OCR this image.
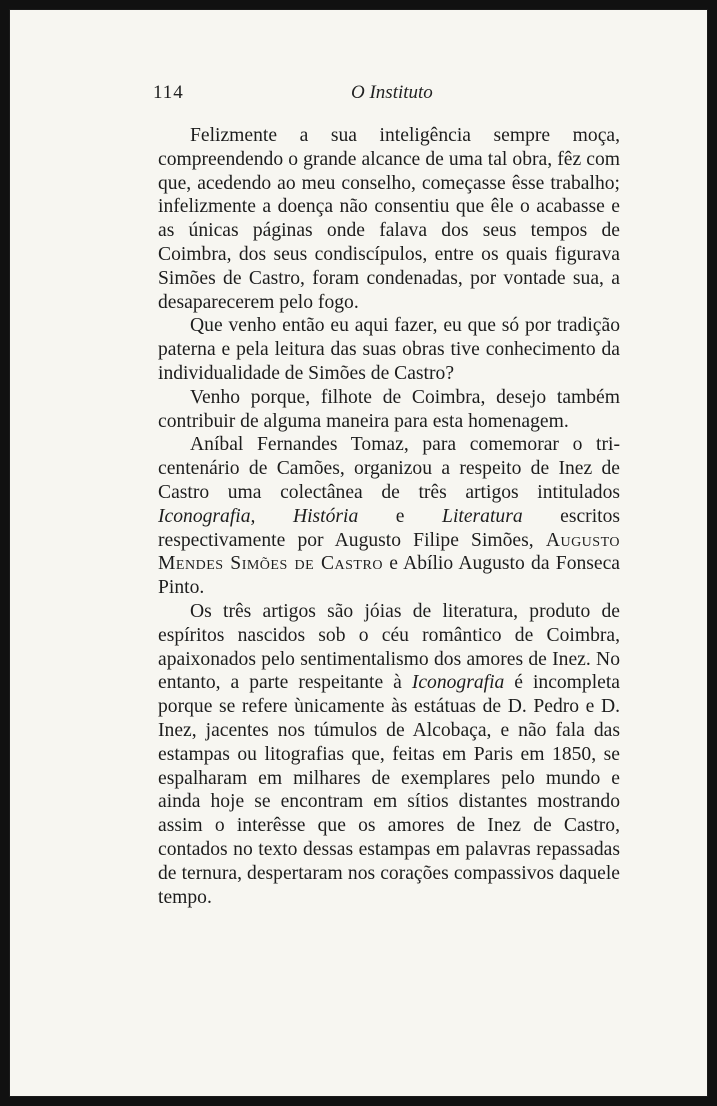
114	O Instituto

Felizmente a sua inteligência sempre moça, compreendendo o grande alcance de uma tal obra, fêz com que, acedendo ao meu conselho, começasse êsse trabalho; infelizmente a doença não consentiu que êle o acabasse e as únicas páginas onde falava dos seus tempos de Coimbra, dos seus condiscípulos, entre os quais figurava Simões de Castro, foram condenadas, por vontade sua, a desaparecerem pelo fogo.

Que venho então eu aqui fazer, eu que só por tradição paterna e pela leitura das suas obras tive conhecimento da individualidade de Simões de Castro?

Venho porque, filhote de Coimbra, desejo também contribuir de alguma maneira para esta homenagem.

Aníbal Fernandes Tomaz, para comemorar o tri-centenário de Camões, organizou a respeito de Inez de Castro uma colectânea de três artigos intitulados Iconografia, História e Literatura escritos respectivamente por Augusto Filipe Simões, Augusto Mendes Simões de Castro e Abílio Augusto da Fonseca Pinto.

Os três artigos são jóias de literatura, produto de espíritos nascidos sob o céu romântico de Coimbra, apaixonados pelo sentimentalismo dos amores de Inez. No entanto, a parte respeitante à Iconografia é incompleta porque se refere ùnicamente às estátuas de D. Pedro e D. Inez, jacentes nos túmulos de Alcobaça, e não fala das estampas ou litografias que, feitas em Paris em 1850, se espalharam em milhares de exemplares pelo mundo e ainda hoje se encontram em sítios distantes mostrando assim o interêsse que os amores de Inez de Castro, contados no texto dessas estampas em palavras repassadas de ternura, despertaram nos corações compassivos daquele tempo.
